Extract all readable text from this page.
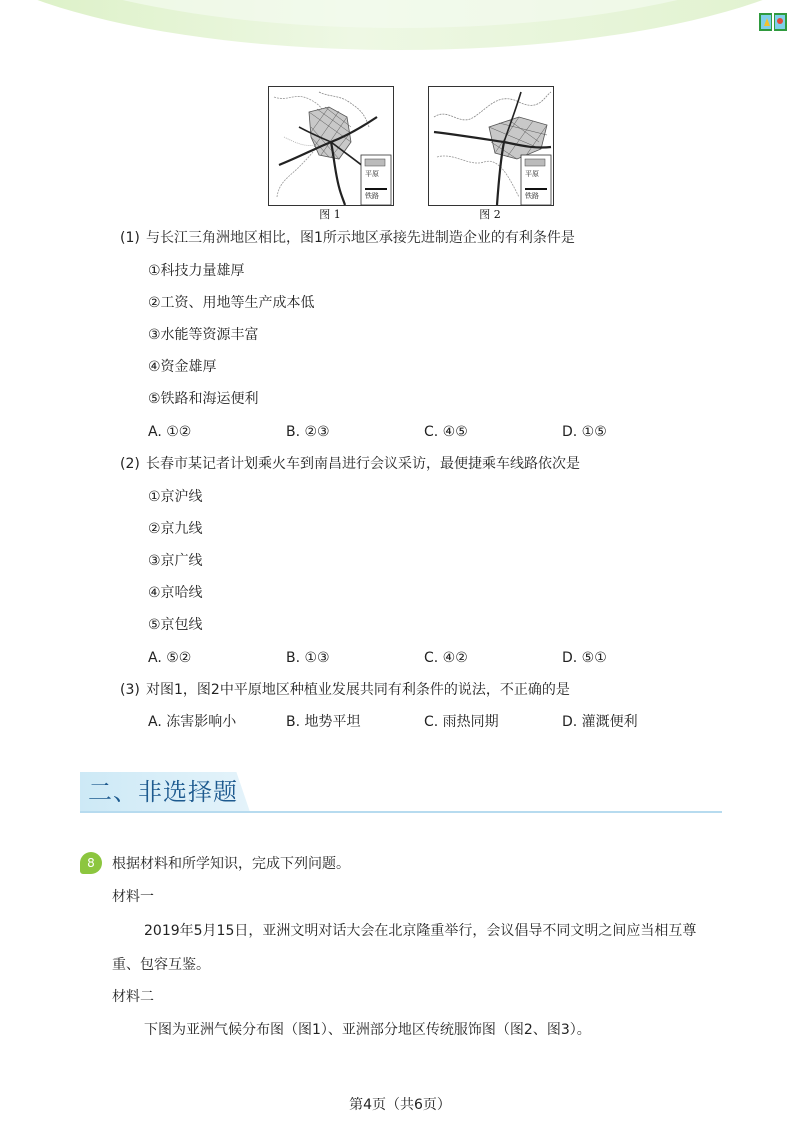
平原
铁路
图 1
平原
铁路
图 2
(1) 与长江三角洲地区相比，图1所示地区承接先进制造企业的有利条件是
①科技力量雄厚
②工资、用地等生产成本低
③水能等资源丰富
④资金雄厚
⑤铁路和海运便利
A. ①②	B. ②③	C. ④⑤	D. ①⑤
(2) 长春市某记者计划乘火车到南昌进行会议采访，最便捷乘车线路依次是
①京沪线
②京九线
③京广线
④京哈线
⑤京包线
A. ⑤②	B. ①③	C. ④②	D. ⑤①
(3) 对图1，图2中平原地区种植业发展共同有利条件的说法，不正确的是
A. 冻害影响小	B. 地势平坦	C. 雨热同期	D. 灌溉便利
二、非选择题
8	根据材料和所学知识，完成下列问题。
材料一
2019年5月15日，亚洲文明对话大会在北京隆重举行，会议倡导不同文明之间应当相互尊
重、包容互鉴。
材料二
下图为亚洲气候分布图（图1）、亚洲部分地区传统服饰图（图2、图3）。
第4页（共6页）
